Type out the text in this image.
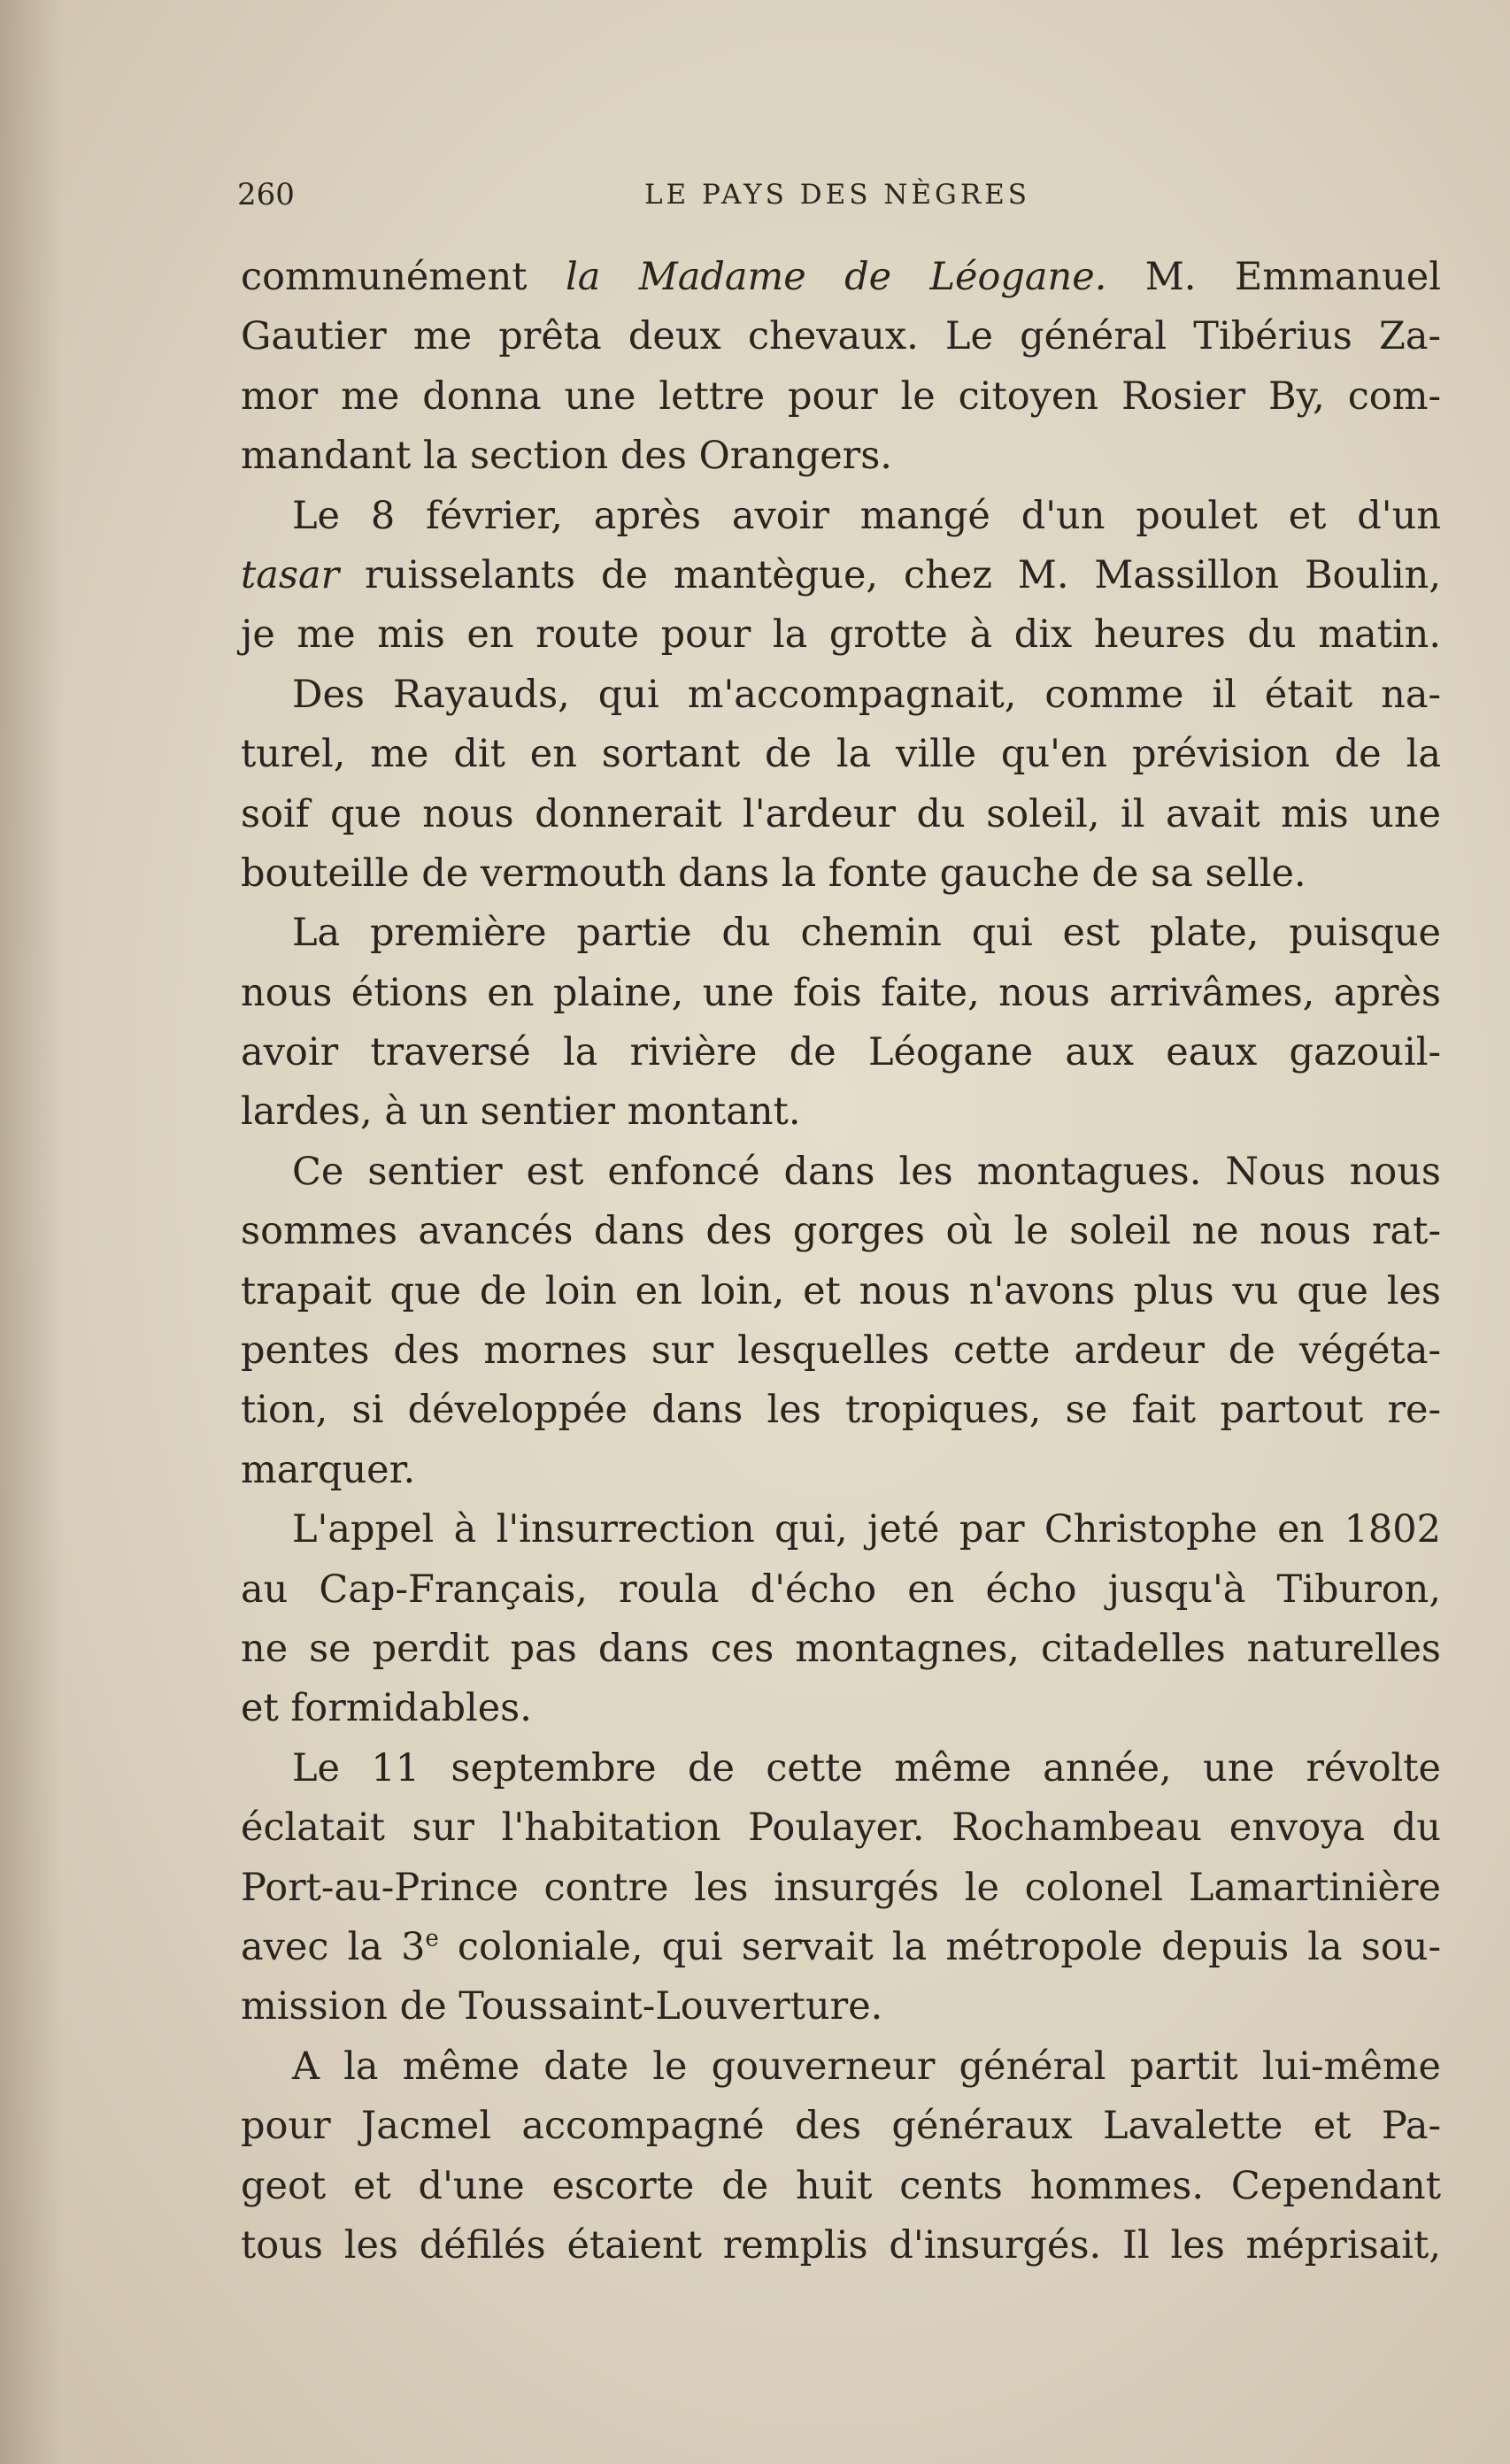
260	LE PAYS DES NÈGRES
communément la Madame de Léogane. M. Emmanuel
Gautier me prêta deux chevaux. Le général Tibérius Za-
mor me donna une lettre pour le citoyen Rosier By, com-
mandant la section des Orangers.
Le 8 février, après avoir mangé d'un poulet et d'un
tasar ruisselants de mantègue, chez M. Massillon Boulin,
je me mis en route pour la grotte à dix heures du matin.
Des Rayauds, qui m'accompagnait, comme il était na-
turel, me dit en sortant de la ville qu'en prévision de la
soif que nous donnerait l'ardeur du soleil, il avait mis une
bouteille de vermouth dans la fonte gauche de sa selle.
La première partie du chemin qui est plate, puisque
nous étions en plaine, une fois faite, nous arrivâmes, après
avoir traversé la rivière de Léogane aux eaux gazouil-
lardes, à un sentier montant.
Ce sentier est enfoncé dans les montagues. Nous nous
sommes avancés dans des gorges où le soleil ne nous rat-
trapait que de loin en loin, et nous n'avons plus vu que les
pentes des mornes sur lesquelles cette ardeur de végéta-
tion, si développée dans les tropiques, se fait partout re-
marquer.
L'appel à l'insurrection qui, jeté par Christophe en 1802
au Cap-Français, roula d'écho en écho jusqu'à Tiburon,
ne se perdit pas dans ces montagnes, citadelles naturelles
et formidables.
Le 11 septembre de cette même année, une révolte
éclatait sur l'habitation Poulayer. Rochambeau envoya du
Port-au-Prince contre les insurgés le colonel Lamartinière
avec la 3e coloniale, qui servait la métropole depuis la sou-
mission de Toussaint-Louverture.
A la même date le gouverneur général partit lui-même
pour Jacmel accompagné des généraux Lavalette et Pa-
geot et d'une escorte de huit cents hommes. Cependant
tous les défilés étaient remplis d'insurgés. Il les méprisait,
